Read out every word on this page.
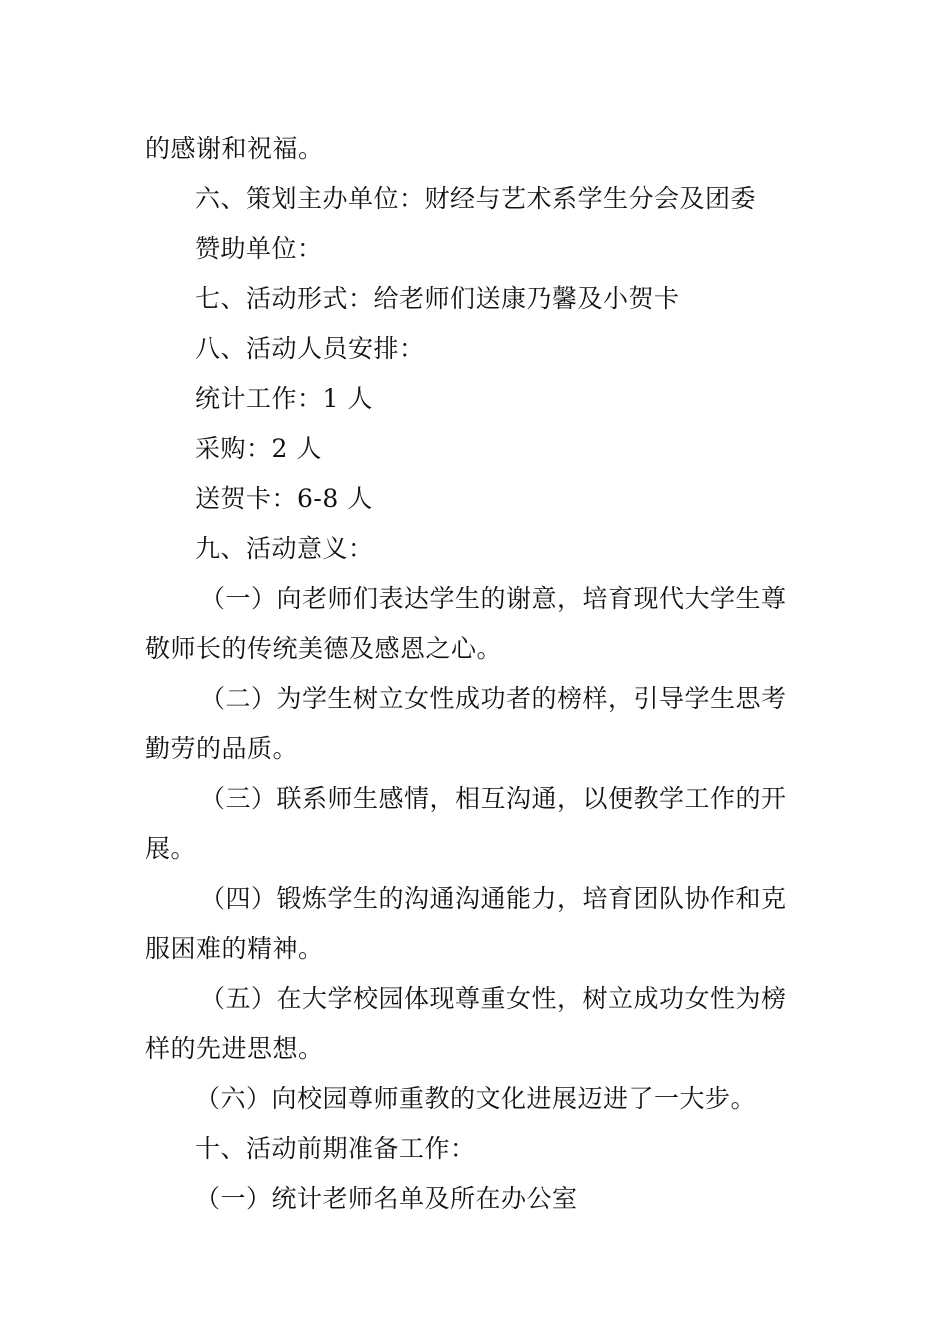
的感谢和祝福。
六、策划主办单位：财经与艺术系学生分会及团委
赞助单位：
七、活动形式：给老师们送康乃馨及小贺卡
八、活动人员安排：
统计工作：1 人
采购：2 人
送贺卡：6-8 人
九、活动意义：
（一）向老师们表达学生的谢意，培育现代大学生尊
敬师长的传统美德及感恩之心。
（二）为学生树立女性成功者的榜样，引导学生思考
勤劳的品质。
（三）联系师生感情，相互沟通，以便教学工作的开
展。
（四）锻炼学生的沟通沟通能力，培育团队协作和克
服困难的精神。
（五）在大学校园体现尊重女性，树立成功女性为榜
样的先进思想。
（六）向校园尊师重教的文化进展迈进了一大步。
十、活动前期准备工作：
（一）统计老师名单及所在办公室
